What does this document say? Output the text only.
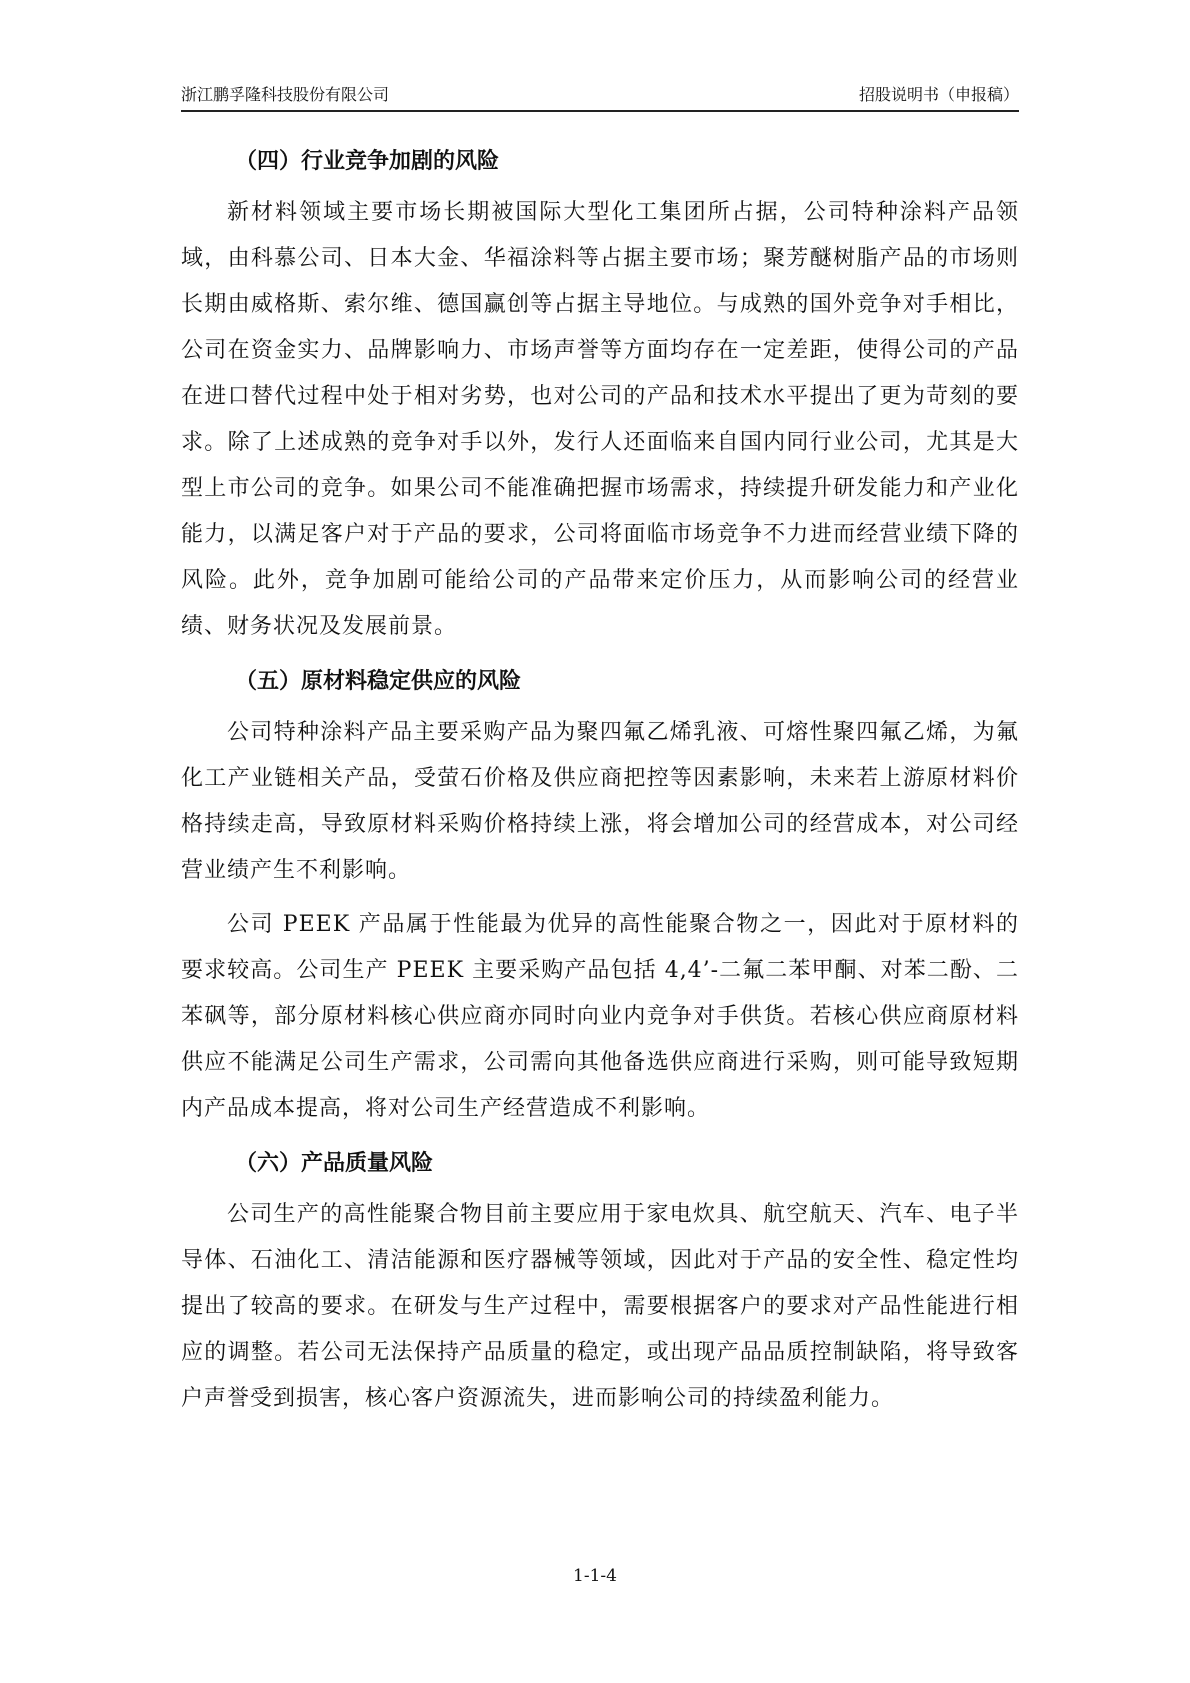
浙江鹏孚隆科技股份有限公司	招股说明书（申报稿）
（四）行业竞争加剧的风险

新材料领域主要市场长期被国际大型化工集团所占据，公司特种涂料产品领域，由科慕公司、日本大金、华福涂料等占据主要市场；聚芳醚树脂产品的市场则长期由威格斯、索尔维、德国赢创等占据主导地位。与成熟的国外竞争对手相比，公司在资金实力、品牌影响力、市场声誉等方面均存在一定差距，使得公司的产品在进口替代过程中处于相对劣势，也对公司的产品和技术水平提出了更为苛刻的要求。除了上述成熟的竞争对手以外，发行人还面临来自国内同行业公司，尤其是大型上市公司的竞争。如果公司不能准确把握市场需求，持续提升研发能力和产业化能力，以满足客户对于产品的要求，公司将面临市场竞争不力进而经营业绩下降的风险。此外，竞争加剧可能给公司的产品带来定价压力，从而影响公司的经营业绩、财务状况及发展前景。

（五）原材料稳定供应的风险

公司特种涂料产品主要采购产品为聚四氟乙烯乳液、可熔性聚四氟乙烯，为氟化工产业链相关产品，受萤石价格及供应商把控等因素影响，未来若上游原材料价格持续走高，导致原材料采购价格持续上涨，将会增加公司的经营成本，对公司经营业绩产生不利影响。

公司 PEEK 产品属于性能最为优异的高性能聚合物之一，因此对于原材料的要求较高。公司生产 PEEK 主要采购产品包括 4,4’-二氟二苯甲酮、对苯二酚、二苯砜等，部分原材料核心供应商亦同时向业内竞争对手供货。若核心供应商原材料供应不能满足公司生产需求，公司需向其他备选供应商进行采购，则可能导致短期内产品成本提高，将对公司生产经营造成不利影响。

（六）产品质量风险

公司生产的高性能聚合物目前主要应用于家电炊具、航空航天、汽车、电子半导体、石油化工、清洁能源和医疗器械等领域，因此对于产品的安全性、稳定性均提出了较高的要求。在研发与生产过程中，需要根据客户的要求对产品性能进行相应的调整。若公司无法保持产品质量的稳定，或出现产品品质控制缺陷，将导致客户声誉受到损害，核心客户资源流失，进而影响公司的持续盈利能力。

1-1-4
